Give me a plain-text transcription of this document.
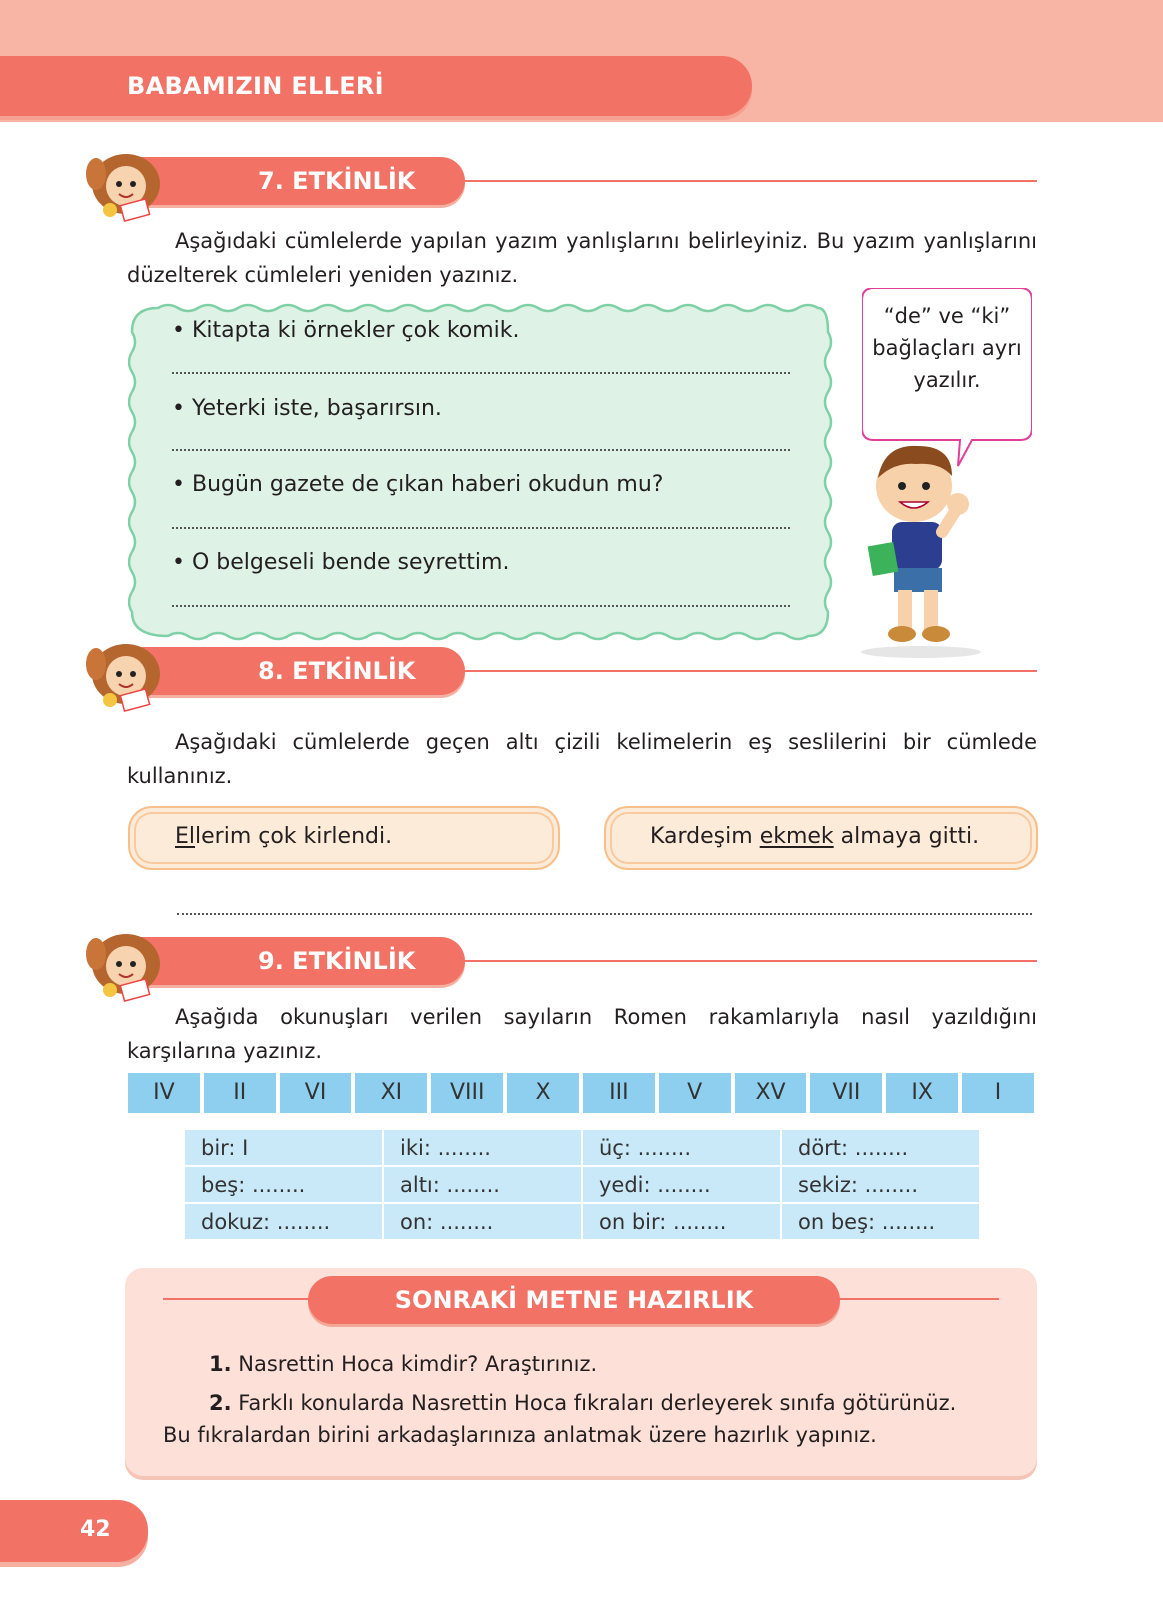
BABAMIZIN ELLERİ
7. ETKİNLİK
Aşağıdaki cümlelerde yapılan yazım yanlışlarını belirleyiniz. Bu yazım yanlışlarını düzelterek cümleleri yeniden yazınız.
• Kitapta ki örnekler çok komik.
• Yeterki iste, başarırsın.
• Bugün gazete de çıkan haberi okudun mu?
• O belgeseli bende seyrettim.
“de” ve “ki” bağlaçları ayrı yazılır.
8. ETKİNLİK
Aşağıdaki cümlelerde geçen altı çizili kelimelerin eş seslilerini bir cümlede kullanınız.
Ellerim çok kirlendi.	Kardeşim ekmek almaya gitti.
9. ETKİNLİK
Aşağıda okunuşları verilen sayıların Romen rakamlarıyla nasıl yazıldığını karşılarına yazınız.
IV	II	VI	XI	VIII	X	III	V	XV	VII	IX	I
bir: I	iki: ........	üç: ........	dört: ........
beş: ........	altı: ........	yedi: ........	sekiz: ........
dokuz: ........	on: ........	on bir: ........	on beş: ........
SONRAKİ METNE HAZIRLIK
1. Nasrettin Hoca kimdir? Araştırınız.
2. Farklı konularda Nasrettin Hoca fıkraları derleyerek sınıfa götürünüz.
Bu fıkralardan birini arkadaşlarınıza anlatmak üzere hazırlık yapınız.
42
